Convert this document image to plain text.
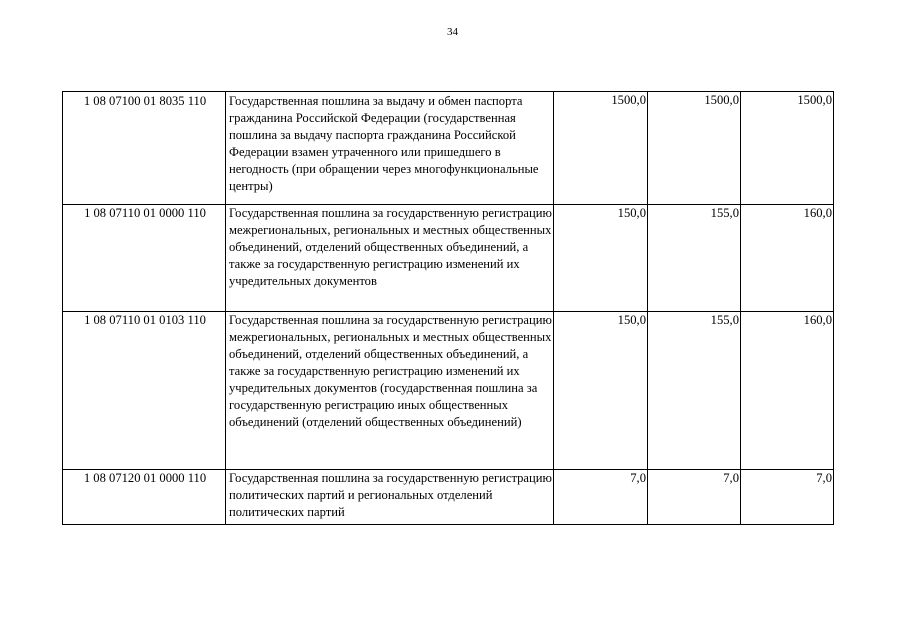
34
1 08 07100 01 8035 110	Государственная пошлина за выдачу и обмен паспорта гражданина Российской Федерации (государственная пошлина за выдачу паспорта гражданина Российской Федерации взамен утраченного или пришедшего в негодность (при обращении через многофункциональные центры)	1500,0	1500,0	1500,0
1 08 07110 01 0000 110	Государственная пошлина за государственную регистрацию межрегиональных, региональных и местных общественных объединений, отделений общественных объединений, а также за государственную регистрацию изменений их учредительных документов	150,0	155,0	160,0
1 08 07110 01 0103 110	Государственная пошлина за государственную регистрацию межрегиональных, региональных и местных общественных объединений, отделений общественных объединений, а также за государственную регистрацию изменений их учредительных документов (государственная пошлина за государственную регистрацию иных общественных объединений (отделений общественных объединений)	150,0	155,0	160,0
1 08 07120 01 0000 110	Государственная пошлина за государственную регистрацию политических партий и региональных отделений политических партий	7,0	7,0	7,0
